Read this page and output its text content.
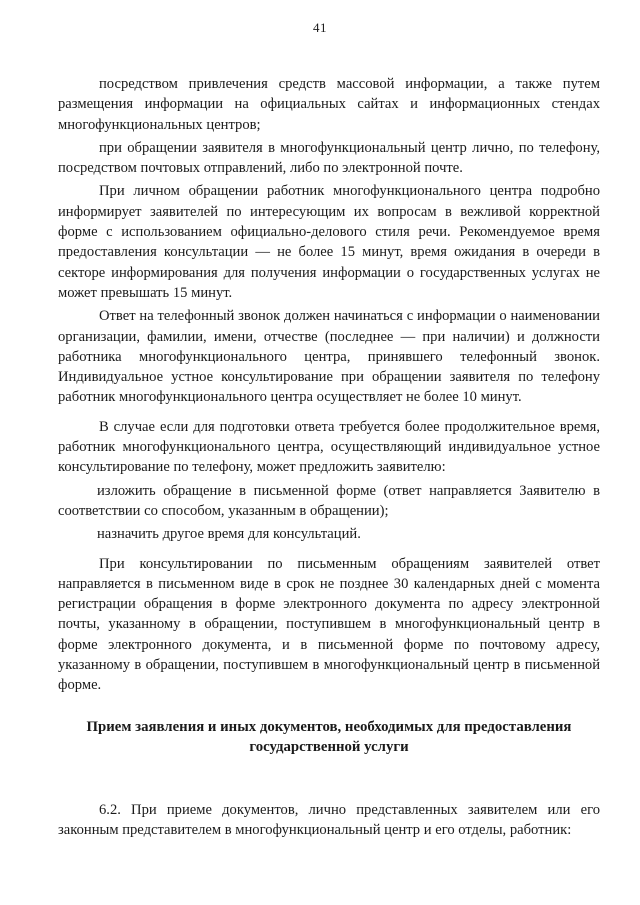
41

посредством привлечения средств массовой информации, а также путем размещения информации на официальных сайтах и информационных стендах многофункциональных центров;

при обращении заявителя в многофункциональный центр лично, по телефону, посредством почтовых отправлений, либо по электронной почте.

При личном обращении работник многофункционального центра подробно информирует заявителей по интересующим их вопросам в вежливой корректной форме с использованием официально-делового стиля речи. Рекомендуемое время предоставления консультации — не более 15 минут, время ожидания в очереди в секторе информирования для получения информации о государственных услугах не может превышать 15 минут.

Ответ на телефонный звонок должен начинаться с информации о наименовании организации, фамилии, имени, отчестве (последнее — при наличии) и должности работника многофункционального центра, принявшего телефонный звонок. Индивидуальное устное консультирование при обращении заявителя по телефону работник многофункционального центра осуществляет не более 10 минут.

В случае если для подготовки ответа требуется более продолжительное время, работник многофункционального центра, осуществляющий индивидуальное устное консультирование по телефону, может предложить заявителю:

изложить обращение в письменной форме (ответ направляется Заявителю в соответствии со способом, указанным в обращении);

назначить другое время для консультаций.

При консультировании по письменным обращениям заявителей ответ направляется в письменном виде в срок не позднее 30 календарных дней с момента регистрации обращения в форме электронного документа по адресу электронной почты, указанному в обращении, поступившем в многофункциональный центр в форме электронного документа, и в письменной форме по почтовому адресу, указанному в обращении, поступившем в многофункциональный центр в письменной форме.

Прием заявления и иных документов, необходимых для предоставления государственной услуги

6.2. При приеме документов, лично представленных заявителем или его законным представителем в многофункциональный центр и его отделы, работник:
